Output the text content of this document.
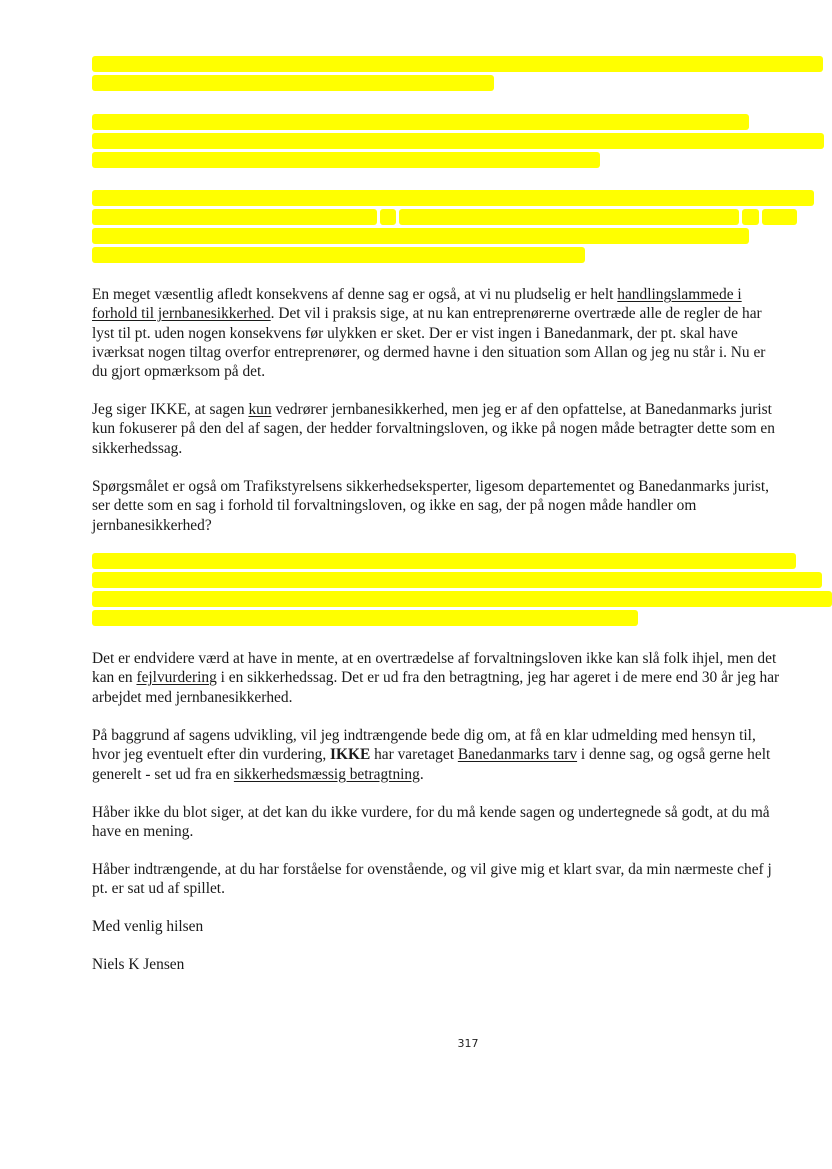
En meget væsentlig afledt konsekvens af denne sag er også, at vi nu pludselig er helt handlingslammede i
forhold til jernbanesikkerhed. Det vil i praksis sige, at nu kan entreprenørerne overtræde alle de regler de har
lyst til pt. uden nogen konsekvens før ulykken er sket. Der er vist ingen i Banedanmark, der pt. skal have
iværksat nogen tiltag overfor entreprenører, og dermed havne i den situation som Allan og jeg nu står i. Nu er
du gjort opmærksom på det.
Jeg siger IKKE, at sagen kun vedrører jernbanesikkerhed, men jeg er af den opfattelse, at Banedanmarks jurist
kun fokuserer på den del af sagen, der hedder forvaltningsloven, og ikke på nogen måde betragter dette som en
sikkerhedssag.
Spørgsmålet er også om Trafikstyrelsens sikkerhedseksperter, ligesom departementet og Banedanmarks jurist,
ser dette som en sag i forhold til forvaltningsloven, og ikke en sag, der på nogen måde handler om
jernbanesikkerhed?
Det er endvidere værd at have in mente, at en overtrædelse af forvaltningsloven ikke kan slå folk ihjel, men det
kan en fejlvurdering i en sikkerhedssag. Det er ud fra den betragtning, jeg har ageret i de mere end 30 år jeg har
arbejdet med jernbanesikkerhed.
På baggrund af sagens udvikling, vil jeg indtrængende bede dig om, at få en klar udmelding med hensyn til,
hvor jeg eventuelt efter din vurdering, IKKE har varetaget Banedanmarks tarv i denne sag, og også gerne helt
generelt - set ud fra en sikkerhedsmæssig betragtning.
Håber ikke du blot siger, at det kan du ikke vurdere, for du må kende sagen og undertegnede så godt, at du må
have en mening.
Håber indtrængende, at du har forståelse for ovenstående, og vil give mig et klart svar, da min nærmeste chef j
pt. er sat ud af spillet.
Med venlig hilsen
Niels K Jensen
317
